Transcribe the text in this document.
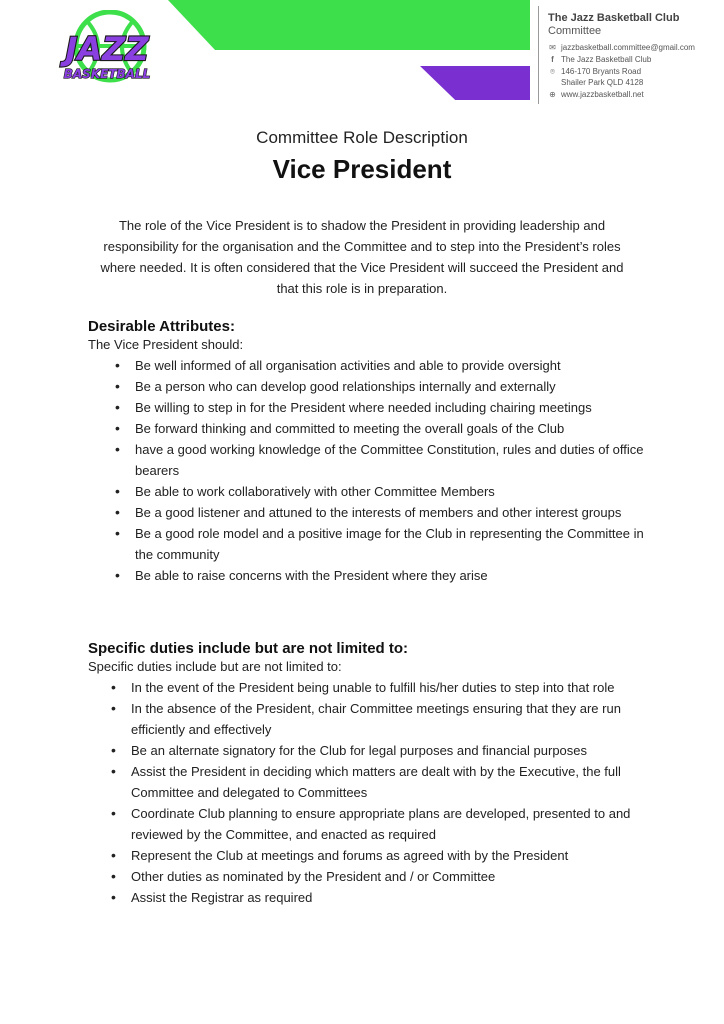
JAZZ
BASKETBALL
The Jazz Basketball Club
Committee
✉ jazzbasketball.committee@gmail.com
f The Jazz Basketball Club
⌾ 146-170 Bryants Road
Shailer Park QLD 4128
⊕ www.jazzbasketball.net
Committee Role Description
Vice President
The role of the Vice President is to shadow the President in providing leadership and responsibility for the organisation and the Committee and to step into the President’s roles where needed. It is often considered that the Vice President will succeed the President and that this role is in preparation.
Desirable Attributes:
The Vice President should:
• Be well informed of all organisation activities and able to provide oversight
• Be a person who can develop good relationships internally and externally
• Be willing to step in for the President where needed including chairing meetings
• Be forward thinking and committed to meeting the overall goals of the Club
• have a good working knowledge of the Committee Constitution, rules and duties of office bearers
• Be able to work collaboratively with other Committee Members
• Be a good listener and attuned to the interests of members and other interest groups
• Be a good role model and a positive image for the Club in representing the Committee in the community
• Be able to raise concerns with the President where they arise
Specific duties include but are not limited to:
Specific duties include but are not limited to:
• In the event of the President being unable to fulfill his/her duties to step into that role
• In the absence of the President, chair Committee meetings ensuring that they are run efficiently and effectively
• Be an alternate signatory for the Club for legal purposes and financial purposes
• Assist the President in deciding which matters are dealt with by the Executive, the full Committee and delegated to Committees
• Coordinate Club planning to ensure appropriate plans are developed, presented to and reviewed by the Committee, and enacted as required
• Represent the Club at meetings and forums as agreed with by the President
• Other duties as nominated by the President and / or Committee
• Assist the Registrar as required
